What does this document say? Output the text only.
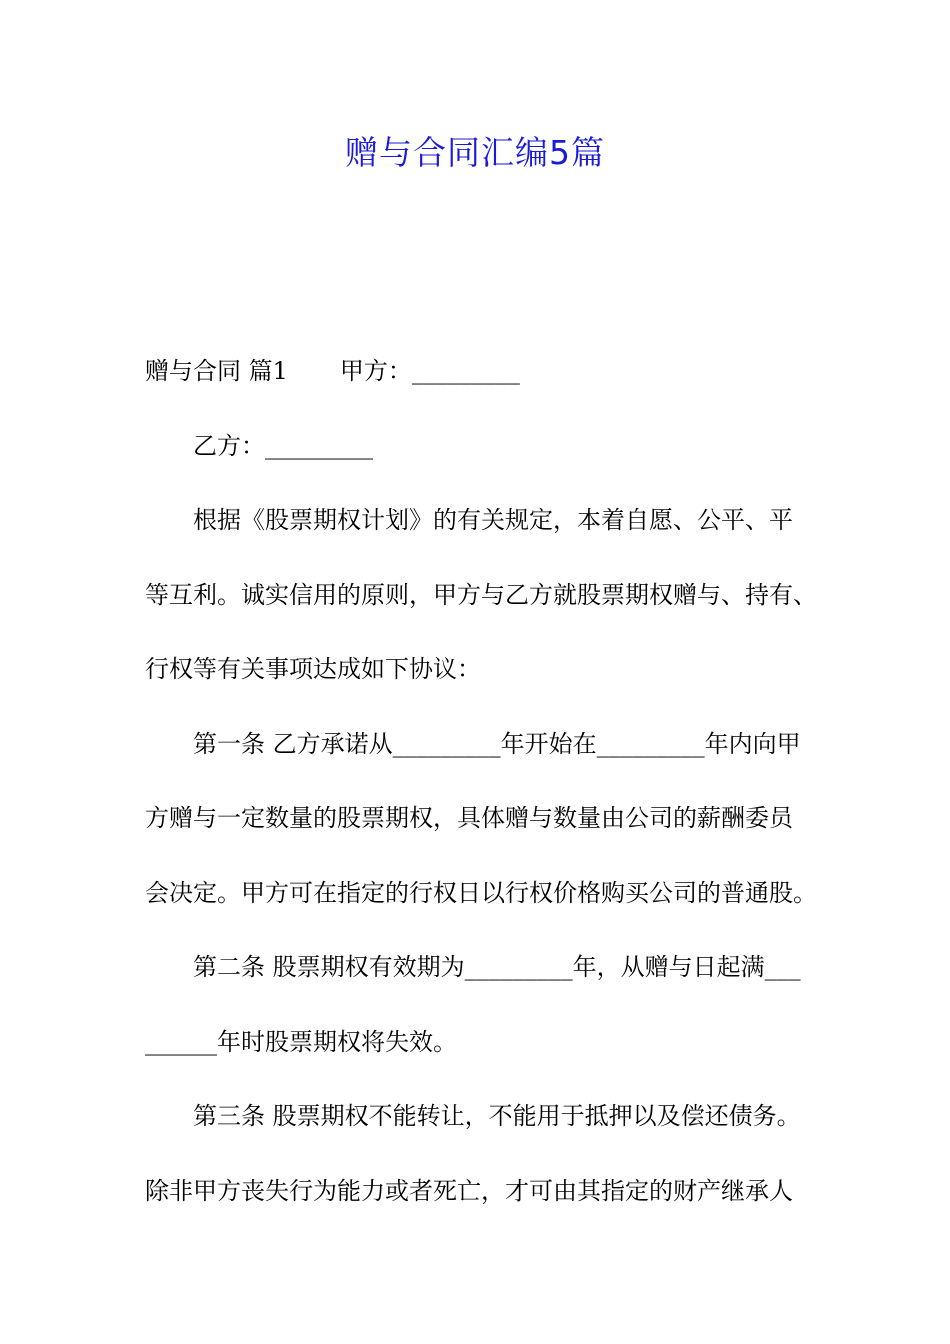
赠与合同汇编5篇
赠与合同 篇1 甲方：_________
乙方：_________
根据《股票期权计划》的有关规定，本着自愿、公平、平
等互利。诚实信用的原则，甲方与乙方就股票期权赠与、持有、
行权等有关事项达成如下协议：
第一条 乙方承诺从_________年开始在_________年内向甲
方赠与一定数量的股票期权，具体赠与数量由公司的薪酬委员
会决定。甲方可在指定的行权日以行权价格购买公司的普通股。
第二条 股票期权有效期为_________年，从赠与日起满___
______年时股票期权将失效。
第三条 股票期权不能转让，不能用于抵押以及偿还债务。
除非甲方丧失行为能力或者死亡，才可由其指定的财产继承人
